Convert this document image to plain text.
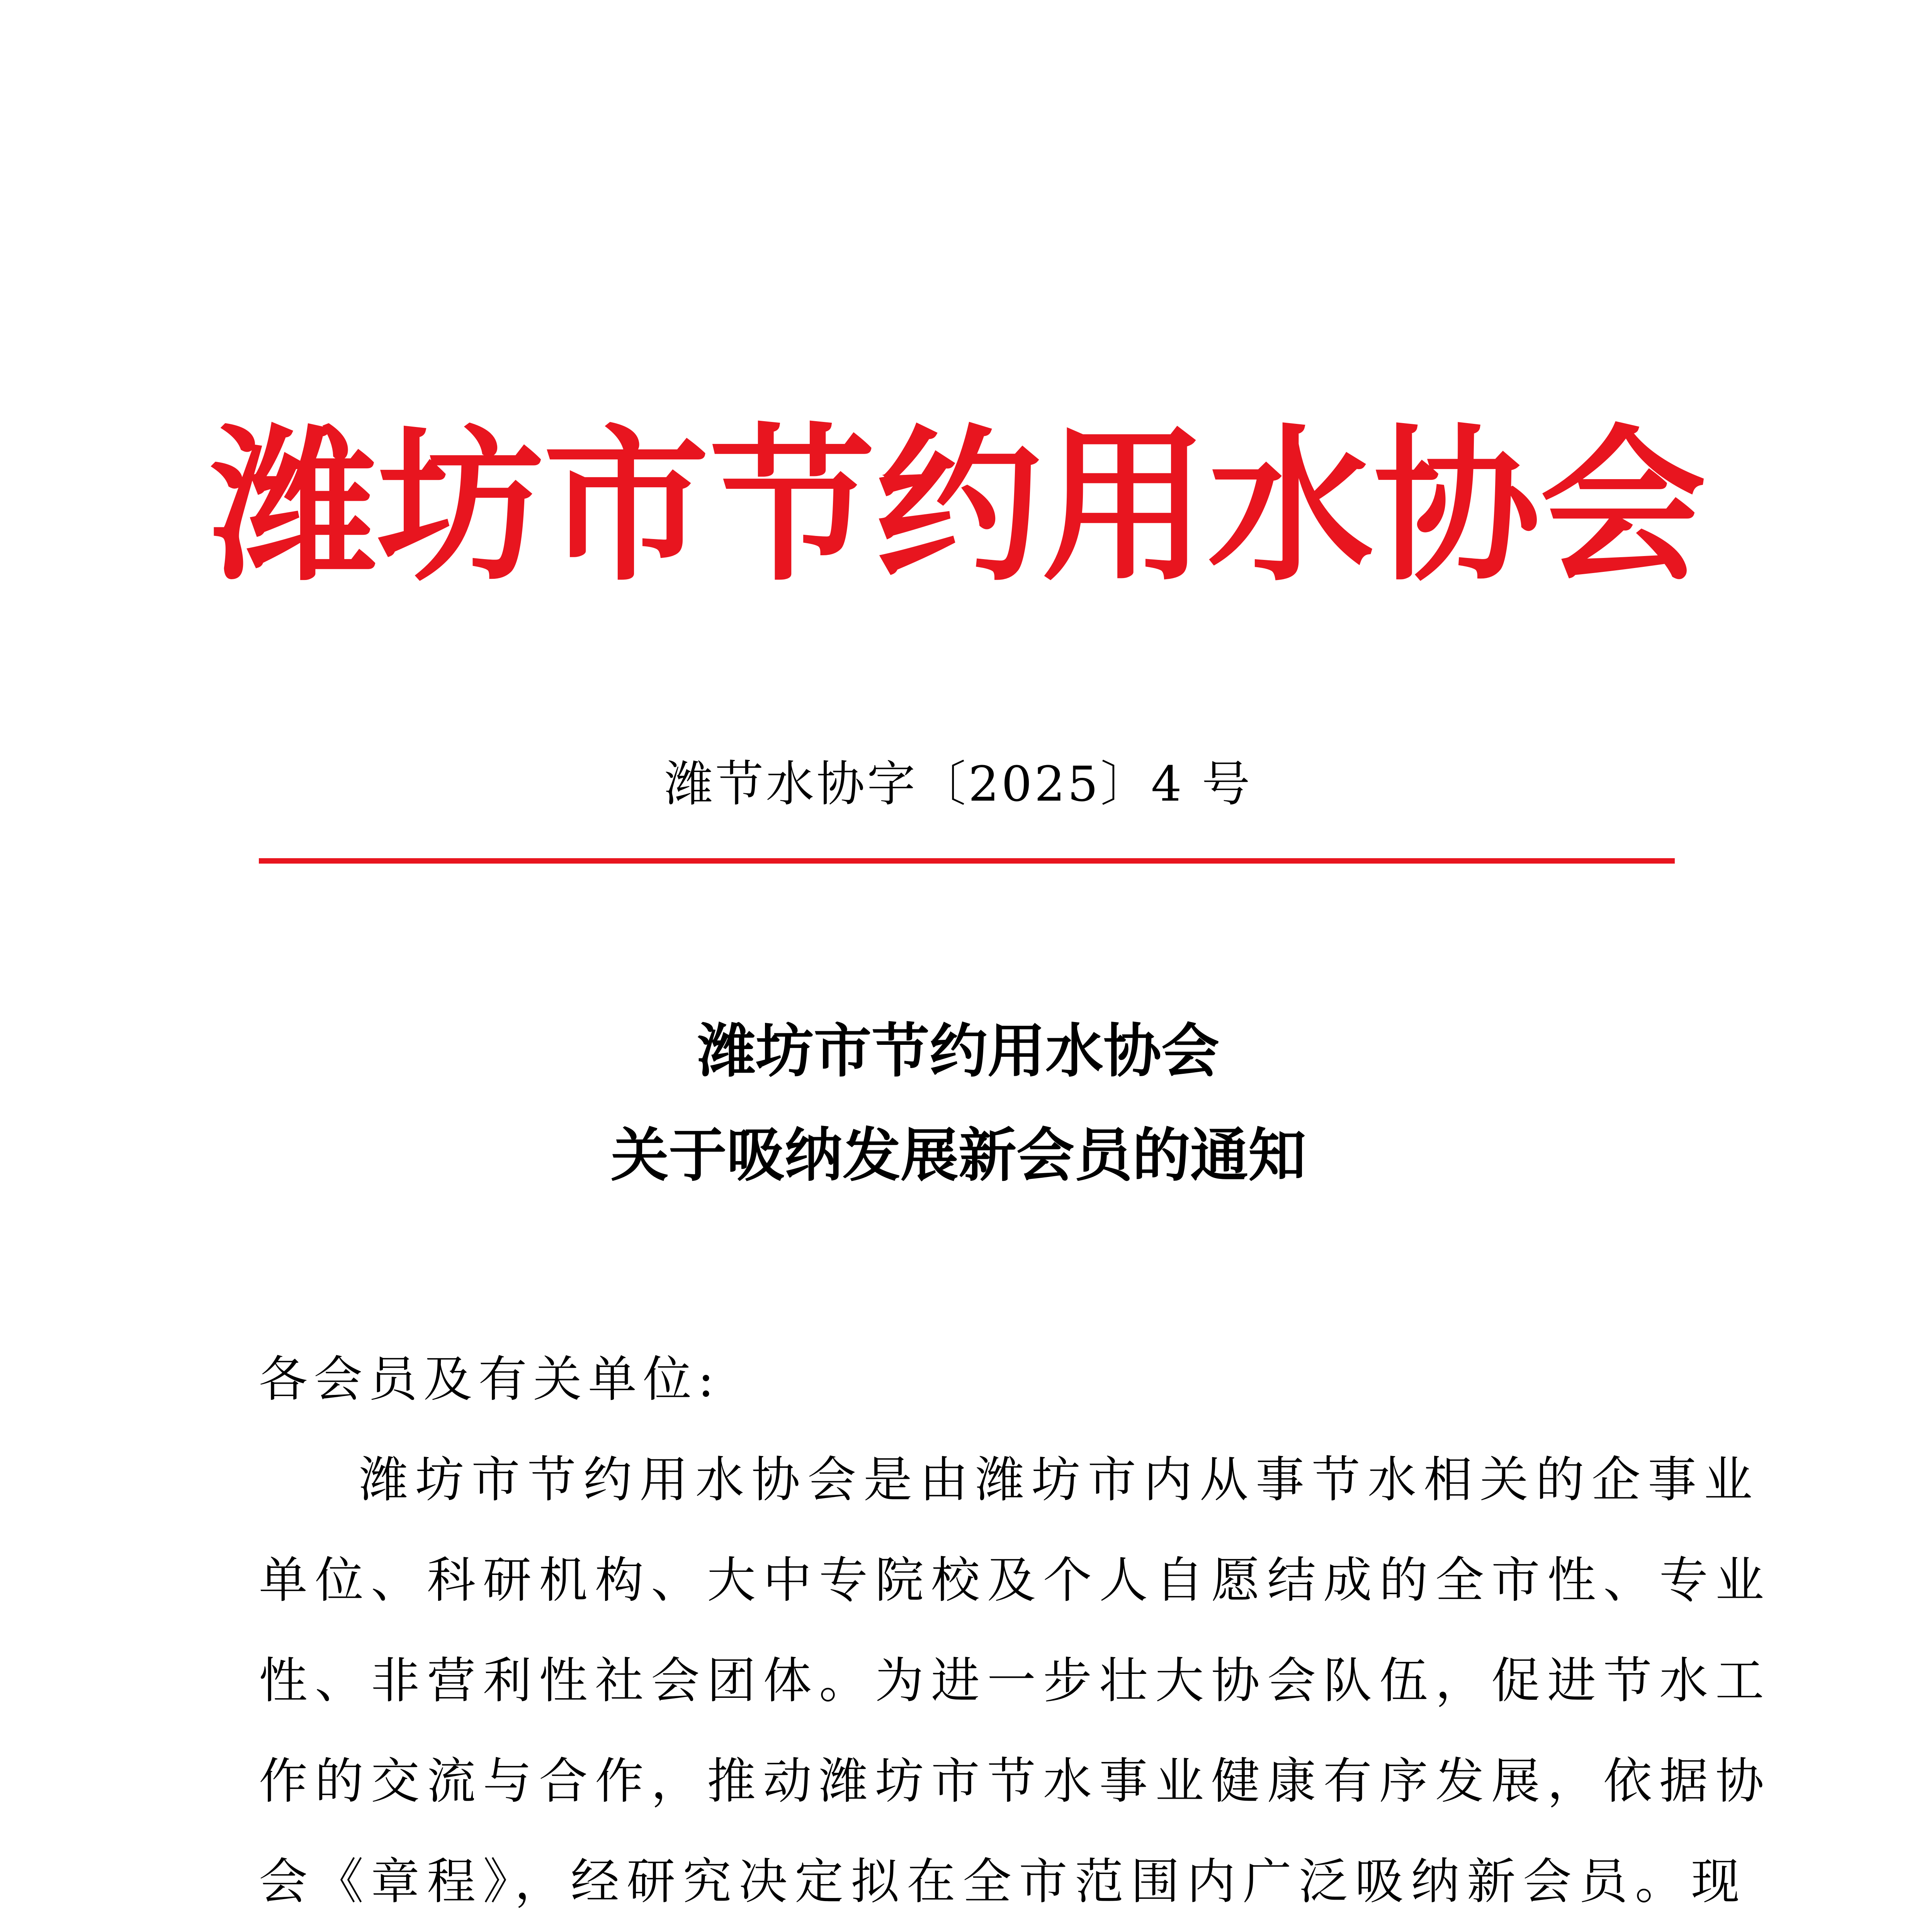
潍坊市节约用水协会
潍节水协字〔2025〕4 号
潍坊市节约用水协会
关于吸纳发展新会员的通知
各会员及有关单位:
潍坊市节约用水协会是由潍坊市内从事节水相关的企事业
单位、科研机构、大中专院校及个人自愿结成的全市性、专业
性、非营利性社会团体。为进一步壮大协会队伍，促进节水工
作的交流与合作，推动潍坊市节水事业健康有序发展，依据协
会《章程》，经研究决定拟在全市范围内广泛吸纳新会员。现
